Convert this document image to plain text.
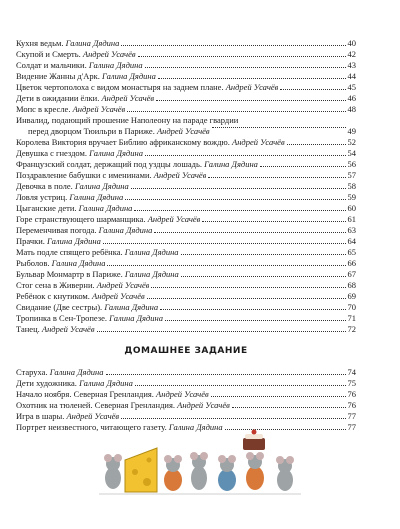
Кухня ведьм. Галина Дядина	40
Скупой и Смерть. Андрей Усачёв	42
Солдат и мальчики. Галина Дядина	43
Видение Жанны д'Арк. Галина Дядина	44
Цветок чертополоха с видом монастыря на заднем плане. Андрей Усачёв	45
Дети в ожидании ёлки. Андрей Усачёв	46
Мопс в кресле. Андрей Усачёв	48
Инвалид, подающий прошение Наполеону на параде гвардии
перед дворцом Тюильри в Париже.
Андрей Усачёв	49
Королева Виктория вручает Библию африканскому вождю. Андрей Усачёв	52
Девушка с гнездом. Галина Дядина	54
Французский солдат, держащий под уздцы лошадь. Галина Дядина	56
Поздравление бабушки с именинами. Андрей Усачёв	57
Девочка в поле. Галина Дядина	58
Ловля устриц. Галина Дядина	59
Цыганские дети. Галина Дядина	60
Горе странствующего шарманщика. Андрей Усачёв	61
Переменчивая погода. Галина Дядина	63
Прачки. Галина Дядина	64
Мать подле спящего ребёнка. Галина Дядина	65
Рыболов. Галина Дядина	66
Бульвар Монмартр в Париже. Галина Дядина	67
Стог сена в Живерни. Андрей Усачёв	68
Ребёнок с кнутиком. Андрей Усачёв	69
Свидание (Две сестры). Галина Дядина	70
Тропинка в Сен-Тропезе. Галина Дядина	71
Танец. Андрей Усачёв	72
ДОМАШНЕЕ ЗАДАНИЕ
Старуха. Галина Дядина	74
Дети художника. Галина Дядина	75
Начало ноября. Северная Гренландия. Андрей Усачёв	76
Охотник на тюленей. Северная Гренландия. Андрей Усачёв	76
Игра в шары. Андрей Усачёв	77
Портрет неизвестного, читающего газету. Галина Дядина	77
